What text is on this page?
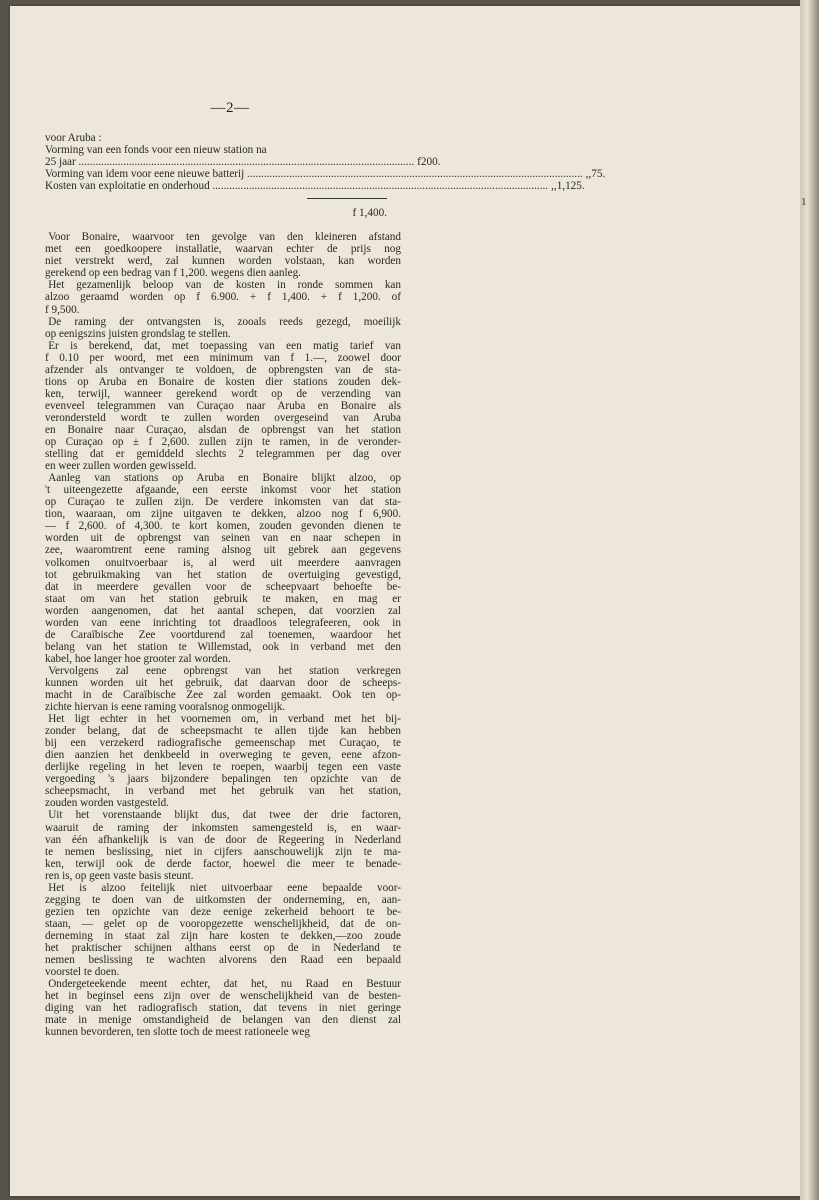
1
—2—
voor Aruba :
Vorming van een fonds voor een nieuw station na
25 jaar ........................................................................................................................ f 200.
Vorming van idem voor eene nieuwe batterij ........................................................................................................................ ,, 75.
Kosten van exploitatie en onderhoud ........................................................................................................................ ,, 1,125.
f 1,400.
 Voor Bonaire, waarvoor ten gevolge van den kleineren afstand
met een goedkoopere installatie, waarvan echter de prijs nog
niet verstrekt werd, zal kunnen worden volstaan, kan worden
gerekend op een bedrag van f 1,200. wegens dien aanleg.
 Het gezamenlijk beloop van de kosten in ronde sommen kan
alzoo geraamd worden op f 6.900. + f 1,400. + f 1,200. of
f 9,500.
 De raming der ontvangsten is, zooals reeds gezegd, moeilijk
op eenigszins juisten grondslag te stellen.
 Er is berekend, dat, met toepassing van een matig tarief van
f 0.10 per woord, met een minimum van f 1.—, zoowel door
afzender als ontvanger te voldoen, de opbrengsten van de sta-
tions op Aruba en Bonaire de kosten dier stations zouden dek-
ken, terwijl, wanneer gerekend wordt op de verzending van
evenveel telegrammen van Curaçao naar Aruba en Bonaire als
verondersteld wordt te zullen worden overgeseind van Aruba
en Bonaire naar Curaçao, alsdan de opbrengst van het station
op Curaçao op ± f 2,600. zullen zijn te ramen, in de veronder-
stelling dat er gemiddeld slechts 2 telegrammen per dag over
en weer zullen worden gewisseld.
 Aanleg van stations op Aruba en Bonaire blijkt alzoo, op
't uiteengezette afgaande, een eerste inkomst voor het station
op Curaçao te zullen zijn. De verdere inkomsten van dat sta-
tion, waaraan, om zijne uitgaven te dekken, alzoo nog f 6,900.
— f 2,600. of 4,300. te kort komen, zouden gevonden dienen te
worden uit de opbrengst van seinen van en naar schepen in
zee, waaromtrent eene raming alsnog uit gebrek aan gegevens
volkomen onuitvoerbaar is, al werd uit meerdere aanvragen
tot gebruikmaking van het station de overtuiging gevestigd,
dat in meerdere gevallen voor de scheepvaart behoefte be-
staat om van het station gebruik te maken, en mag er
worden aangenomen, dat het aantal schepen, dat voorzien zal
worden van eene inrichting tot draadloos telegrafeeren, ook in
de Caraïbische Zee voortdurend zal toenemen, waardoor het
belang van het station te Willemstad, ook in verband met den
kabel, hoe langer hoe grooter zal worden.
 Vervolgens zal eene opbrengst van het station verkregen
kunnen worden uit het gebruik, dat daarvan door de scheeps-
macht in de Caraïbische Zee zal worden gemaakt. Ook ten op-
zichte hiervan is eene raming vooralsnog onmogelijk.
 Het ligt echter in het voornemen om, in verband met het bij-
zonder belang, dat de scheepsmacht te allen tijde kan hebben
bij een verzekerd radiografische gemeenschap met Curaçao, te
dien aanzien het denkbeeld in overweging te geven, eene afzon-
derlijke regeling in het leven te roepen, waarbij tegen een vaste
vergoeding 's jaars bijzondere bepalingen ten opzichte van de
scheepsmacht, in verband met het gebruik van het station,
zouden worden vastgesteld.
 Uit het vorenstaande blijkt dus, dat twee der drie factoren,
waaruit de raming der inkomsten samengesteld is, en waar-
van één afhankelijk is van de door de Regeering in Nederland
te nemen beslissing, niet in cijfers aanschouwelijk zijn te ma-
ken, terwijl ook de derde factor, hoewel die meer te benade-
ren is, op geen vaste basis steunt.
 Het is alzoo feitelijk niet uitvoerbaar eene bepaalde voor-
zegging te doen van de uitkomsten der onderneming, en, aan-
gezien ten opzichte van deze eenige zekerheid behoort te be-
staan, — gelet op de vooropgezette wenschelijkheid, dat de on-
derneming in staat zal zijn hare kosten te dekken,—zoo zoude
het praktischer schijnen althans eerst op de in Nederland te
nemen beslissing te wachten alvorens den Raad een bepaald
voorstel te doen.
 Ondergeteekende meent echter, dat het, nu Raad en Bestuur
het in beginsel eens zijn over de wenschelijkheid van de besten-
diging van het radiografisch station, dat tevens in niet geringe
mate in menige omstandigheid de belangen van den dienst zal
kunnen bevorderen, ten slotte toch de meest rationeele weg
